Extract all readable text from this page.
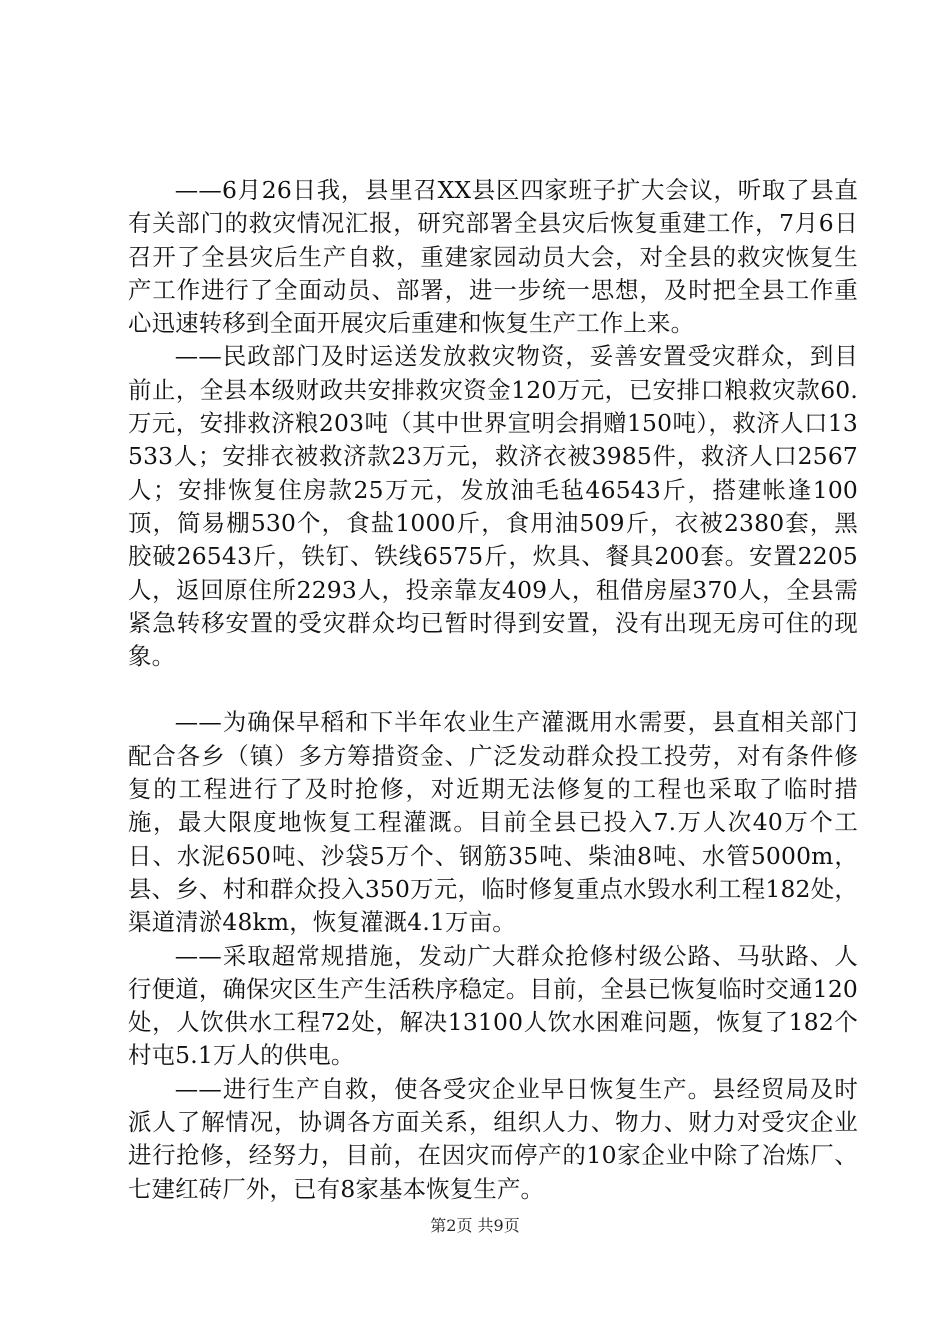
——6月26日我，县里召XX县区四家班子扩大会议，听取了县直有关部门的救灾情况汇报，研究部署全县灾后恢复重建工作，7月6日召开了全县灾后生产自救，重建家园动员大会，对全县的救灾恢复生产工作进行了全面动员、部署，进一步统一思想，及时把全县工作重心迅速转移到全面开展灾后重建和恢复生产工作上来。

——民政部门及时运送发放救灾物资，妥善安置受灾群众，到目前止，全县本级财政共安排救灾资金120万元，已安排口粮救灾款60.万元，安排救济粮203吨（其中世界宣明会捐赠150吨），救济人口13533人；安排衣被救济款23万元，救济衣被3985件，救济人口2567人；安排恢复住房款25万元，发放油毛毡46543斤，搭建帐逢100顶，简易棚530个，食盐1000斤，食用油509斤，衣被2380套，黑胶破26543斤，铁钉、铁线6575斤，炊具、餐具200套。安置2205人，返回原住所2293人，投亲靠友409人，租借房屋370人，全县需紧急转移安置的受灾群众均已暂时得到安置，没有出现无房可住的现象。

——为确保早稻和下半年农业生产灌溉用水需要，县直相关部门配合各乡（镇）多方筹措资金、广泛发动群众投工投劳，对有条件修复的工程进行了及时抢修，对近期无法修复的工程也采取了临时措施，最大限度地恢复工程灌溉。目前全县已投入7.万人次40万个工日、水泥650吨、沙袋5万个、钢筋35吨、柴油8吨、水管5000m，县、乡、村和群众投入350万元，临时修复重点水毁水利工程182处，渠道清淤48km，恢复灌溉4.1万亩。

——采取超常规措施，发动广大群众抢修村级公路、马驮路、人行便道，确保灾区生产生活秩序稳定。目前，全县已恢复临时交通120处，人饮供水工程72处，解决13100人饮水困难问题，恢复了182个村屯5.1万人的供电。

——进行生产自救，使各受灾企业早日恢复生产。县经贸局及时派人了解情况，协调各方面关系，组织人力、物力、财力对受灾企业进行抢修，经努力，目前，在因灾而停产的10家企业中除了冶炼厂、七建红砖厂外，已有8家基本恢复生产。

第2页 共9页
